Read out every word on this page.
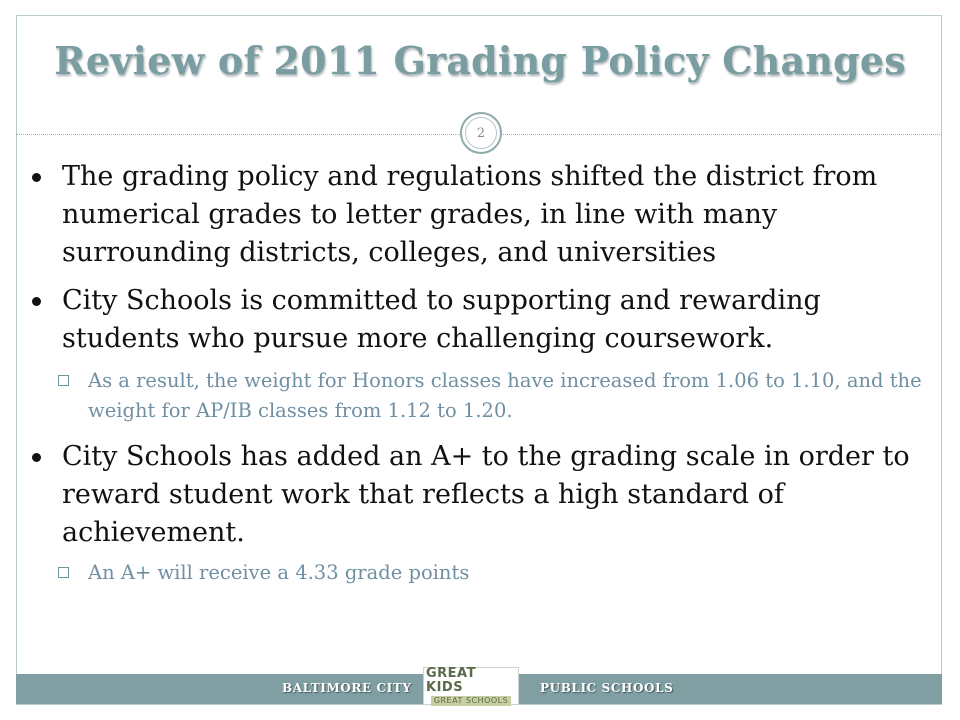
Review of 2011 Grading Policy Changes
2

The grading policy and regulations shifted the district from numerical grades to letter grades, in line with many surrounding districts, colleges, and universities

City Schools is committed to supporting and rewarding students who pursue more challenging coursework.

As a result, the weight for Honors classes have increased from 1.06 to 1.10, and the weight for AP/IB classes from 1.12 to 1.20.

City Schools has added an A+ to the grading scale in order to reward student work that reflects a high standard of achievement.

An A+ will receive a 4.33 grade points

BALTIMORE CITY
GREAT KIDS
GREAT SCHOOLS
PUBLIC SCHOOLS
